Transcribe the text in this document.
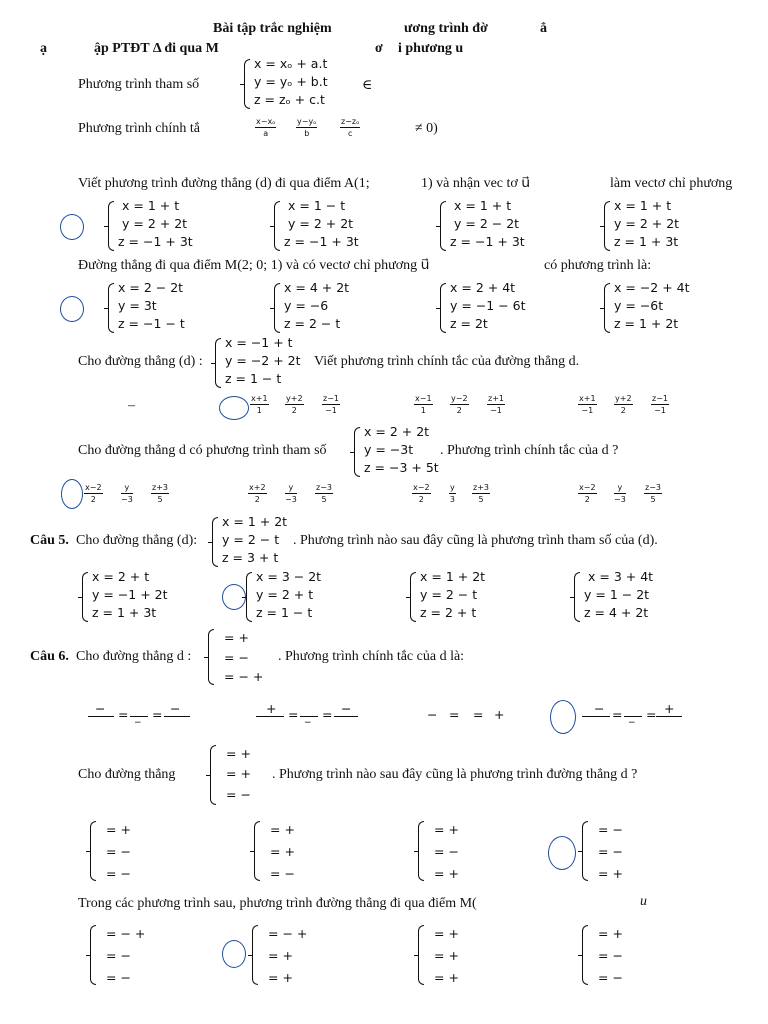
Bài tập trắc nghiệm	ương trình đờ	ẳ
ạ	ập PTĐT Δ đi qua M	ơ i phương u⃗
Phương trình tham số
x = xₒ + a.t
y = yₒ + b.t
z = zₒ + c.t
∈
Phương trình chính tắ	$\frac{\text{x−xₒ}}{a} \frac{\text{y−yₒ}}{b}$	$\frac{\text{z−zₒ}}{c}$	≠ 0)
Viết phương trình đường thẳng (d) đi qua điểm A(1;	1) và nhận vec tơ u⃗	làm vectơ chỉ phương
x = 1 + t
y = 2 + 2t
z = −1 + 3t
x = 1 − t
y = 2 + 2t
z = −1 + 3t
x = 1 + t
y = 2 − 2t
z = −1 + 3t
x = 1 + t
y = 2 + 2t
z = 1 + 3t
Đường thẳng đi qua điểm M(2; 0; 1) và có vectơ chỉ phương u⃗	có phương trình là:
x = 2 − 2t
y = 3t
z = −1 − t
x = 4 + 2t
y = −6
z = 2 − t
x = 2 + 4t
y = −1 − 6t
z = 2t
x = −2 + 4t
y = −6t
z = 1 + 2t
Cho đường thẳng (d) :
x = −1 + t
y = −2 + 2t
z = 1 − t
Viết phương trình chính tắc của đường thẳng d.
–	$\frac{x+1}{1} \frac{y+2}{2} \frac{z-1}{-1}$	$\frac{x-1}{1} \frac{y-2}{2} \frac{z+1}{-1}$	$\frac{x+1}{-1} \frac{y+2}{2} \frac{z-1}{-1}$
Cho đường thẳng d có phương trình tham số
x = 2 + 2t
y = −3t
z = −3 + 5t
. Phương trình chính tắc của d ?
$\frac{x-2}{2} \frac{y}{-3} \frac{z+3}{5}$	$\frac{x+2}{2} \frac{y}{-3} \frac{z-3}{5}$	$\frac{x-2}{2} \frac{y}{3} \frac{z+3}{5}$	$\frac{x-2}{2} \frac{y}{-3} \frac{z-3}{5}$
Câu 5. Cho đường thẳng (d):
x = 1 + 2t
y = 2 − t
z = 3 + t
. Phương trình nào sau đây cũng là phương trình tham số của (d).
x = 2 + t
y = −1 + 2t
z = 1 + 3t
x = 3 − 2t
y = 2 + t
z = 1 − t
x = 1 + 2t
y = 2 − t
z = 2 + t
x = 3 + 4t
y = 1 − 2t
z = 4 + 2t
Câu 6. Cho đường thẳng d :
= +
= −
= − +
. Phương trình chính tắc của d là:
− =
−
= −	+ =
−
= −	− = = +	− =
−
= +
Cho đường thẳng
= +
= +
= −
. Phương trình nào sau đây cũng là phương trình đường thẳng d ?
= +
= −
= −
= +
= +
= −
= +
= −
= +
= −
= −
= +
Trong các phương trình sau, phương trình đường thẳng đi qua điểm M(	u⃗
= − +
= −
= −
= − +
= +
= +
= +
= +
= +
= +
= −
= −
